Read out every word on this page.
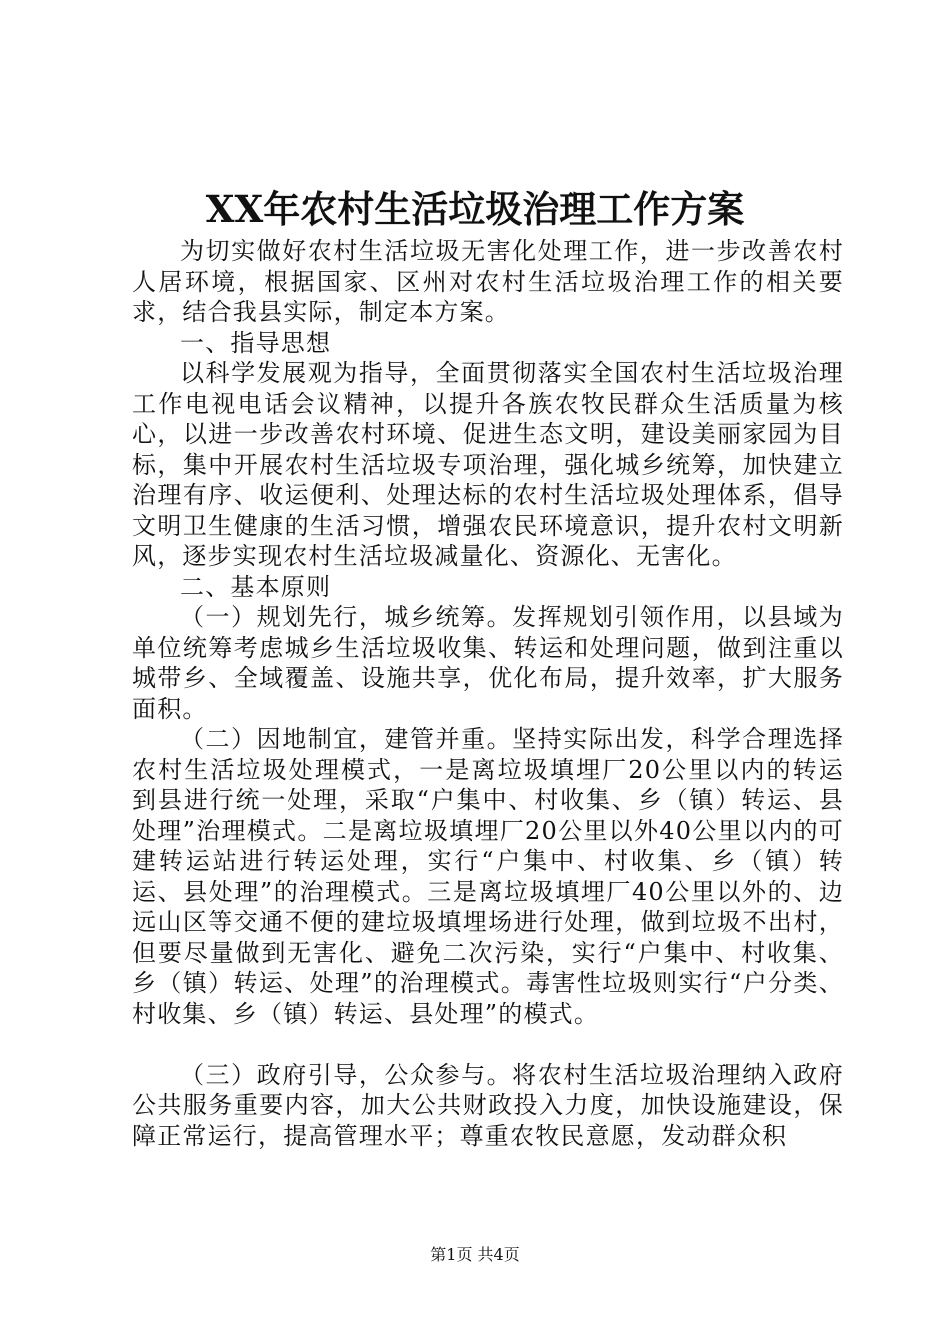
XX年农村生活垃圾治理工作方案

为切实做好农村生活垃圾无害化处理工作，进一步改善农村人居环境，根据国家、区州对农村生活垃圾治理工作的相关要求，结合我县实际，制定本方案。

一、指导思想

以科学发展观为指导，全面贯彻落实全国农村生活垃圾治理工作电视电话会议精神，以提升各族农牧民群众生活质量为核心，以进一步改善农村环境、促进生态文明，建设美丽家园为目标，集中开展农村生活垃圾专项治理，强化城乡统筹，加快建立治理有序、收运便利、处理达标的农村生活垃圾处理体系，倡导文明卫生健康的生活习惯，增强农民环境意识，提升农村文明新风，逐步实现农村生活垃圾减量化、资源化、无害化。

二、基本原则

（一）规划先行，城乡统筹。发挥规划引领作用，以县域为单位统筹考虑城乡生活垃圾收集、转运和处理问题，做到注重以城带乡、全域覆盖、设施共享，优化布局，提升效率，扩大服务面积。

（二）因地制宜，建管并重。坚持实际出发，科学合理选择农村生活垃圾处理模式，一是离垃圾填埋厂20公里以内的转运到县进行统一处理，采取“户集中、村收集、乡（镇）转运、县处理”治理模式。二是离垃圾填埋厂20公里以外40公里以内的可建转运站进行转运处理，实行“户集中、村收集、乡（镇）转运、县处理”的治理模式。三是离垃圾填埋厂40公里以外的、边远山区等交通不便的建垃圾填埋场进行处理，做到垃圾不出村，但要尽量做到无害化、避免二次污染，实行“户集中、村收集、乡（镇）转运、处理”的治理模式。毒害性垃圾则实行“户分类、村收集、乡（镇）转运、县处理”的模式。

（三）政府引导，公众参与。将农村生活垃圾治理纳入政府公共服务重要内容，加大公共财政投入力度，加快设施建设，保障正常运行，提高管理水平；尊重农牧民意愿，发动群众积

第1页 共4页
